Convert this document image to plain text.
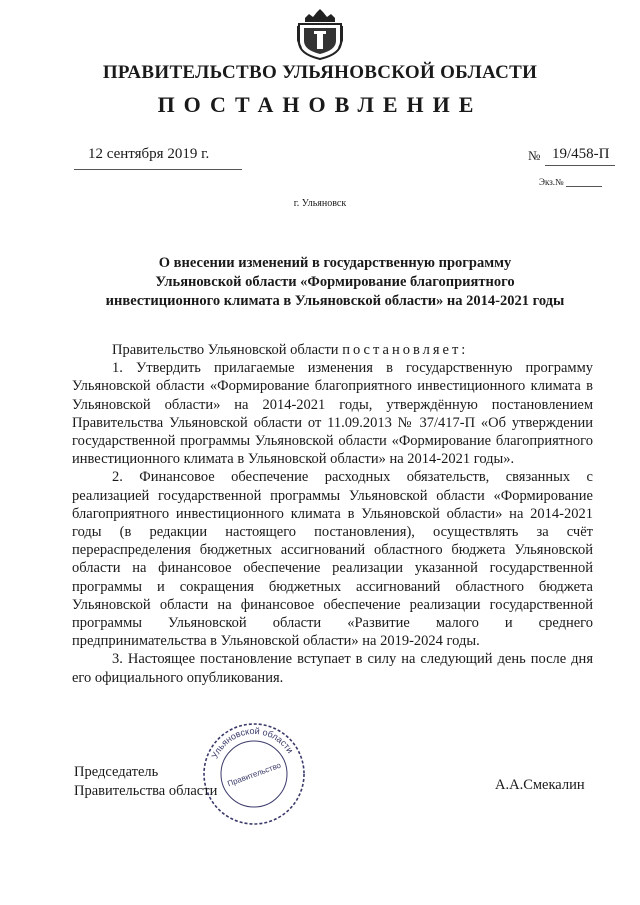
ПРАВИТЕЛЬСТВО УЛЬЯНОВСКОЙ ОБЛАСТИ
ПОСТАНОВЛЕНИЕ
12 сентября 2019 г.	№ 19/458-П
Экз.№
г. Ульяновск
О внесении изменений в государственную программу
Ульяновской области «Формирование благоприятного
инвестиционного климата в Ульяновской области» на 2014-2021 годы

Правительство Ульяновской области постановляет:

1. Утвердить прилагаемые изменения в государственную программу Ульяновской области «Формирование благоприятного инвестиционного климата в Ульяновской области» на 2014-2021 годы, утверждённую постановлением Правительства Ульяновской области от 11.09.2013 № 37/417-П «Об утверждении государственной программы Ульяновской области «Формирование благоприятного инвестиционного климата в Ульяновской области» на 2014-2021 годы».

2. Финансовое обеспечение расходных обязательств, связанных с реализацией государственной программы Ульяновской области «Формирование благоприятного инвестиционного климата в Ульяновской области» на 2014-2021 годы (в редакции настоящего постановления), осуществлять за счёт перераспределения бюджетных ассигнований областного бюджета Ульяновской области на финансовое обеспечение реализации указанной государственной программы и сокращения бюджетных ассигнований областного бюджета Ульяновской области на финансовое обеспечение реализации государственной программы Ульяновской области «Развитие малого и среднего предпринимательства в Ульяновской области» на 2019-2024 годы.

3. Настоящее постановление вступает в силу на следующий день после дня его официального опубликования.

Ульяновской области
Правительство
Председатель
Правительства области	А.А.Смекалин
